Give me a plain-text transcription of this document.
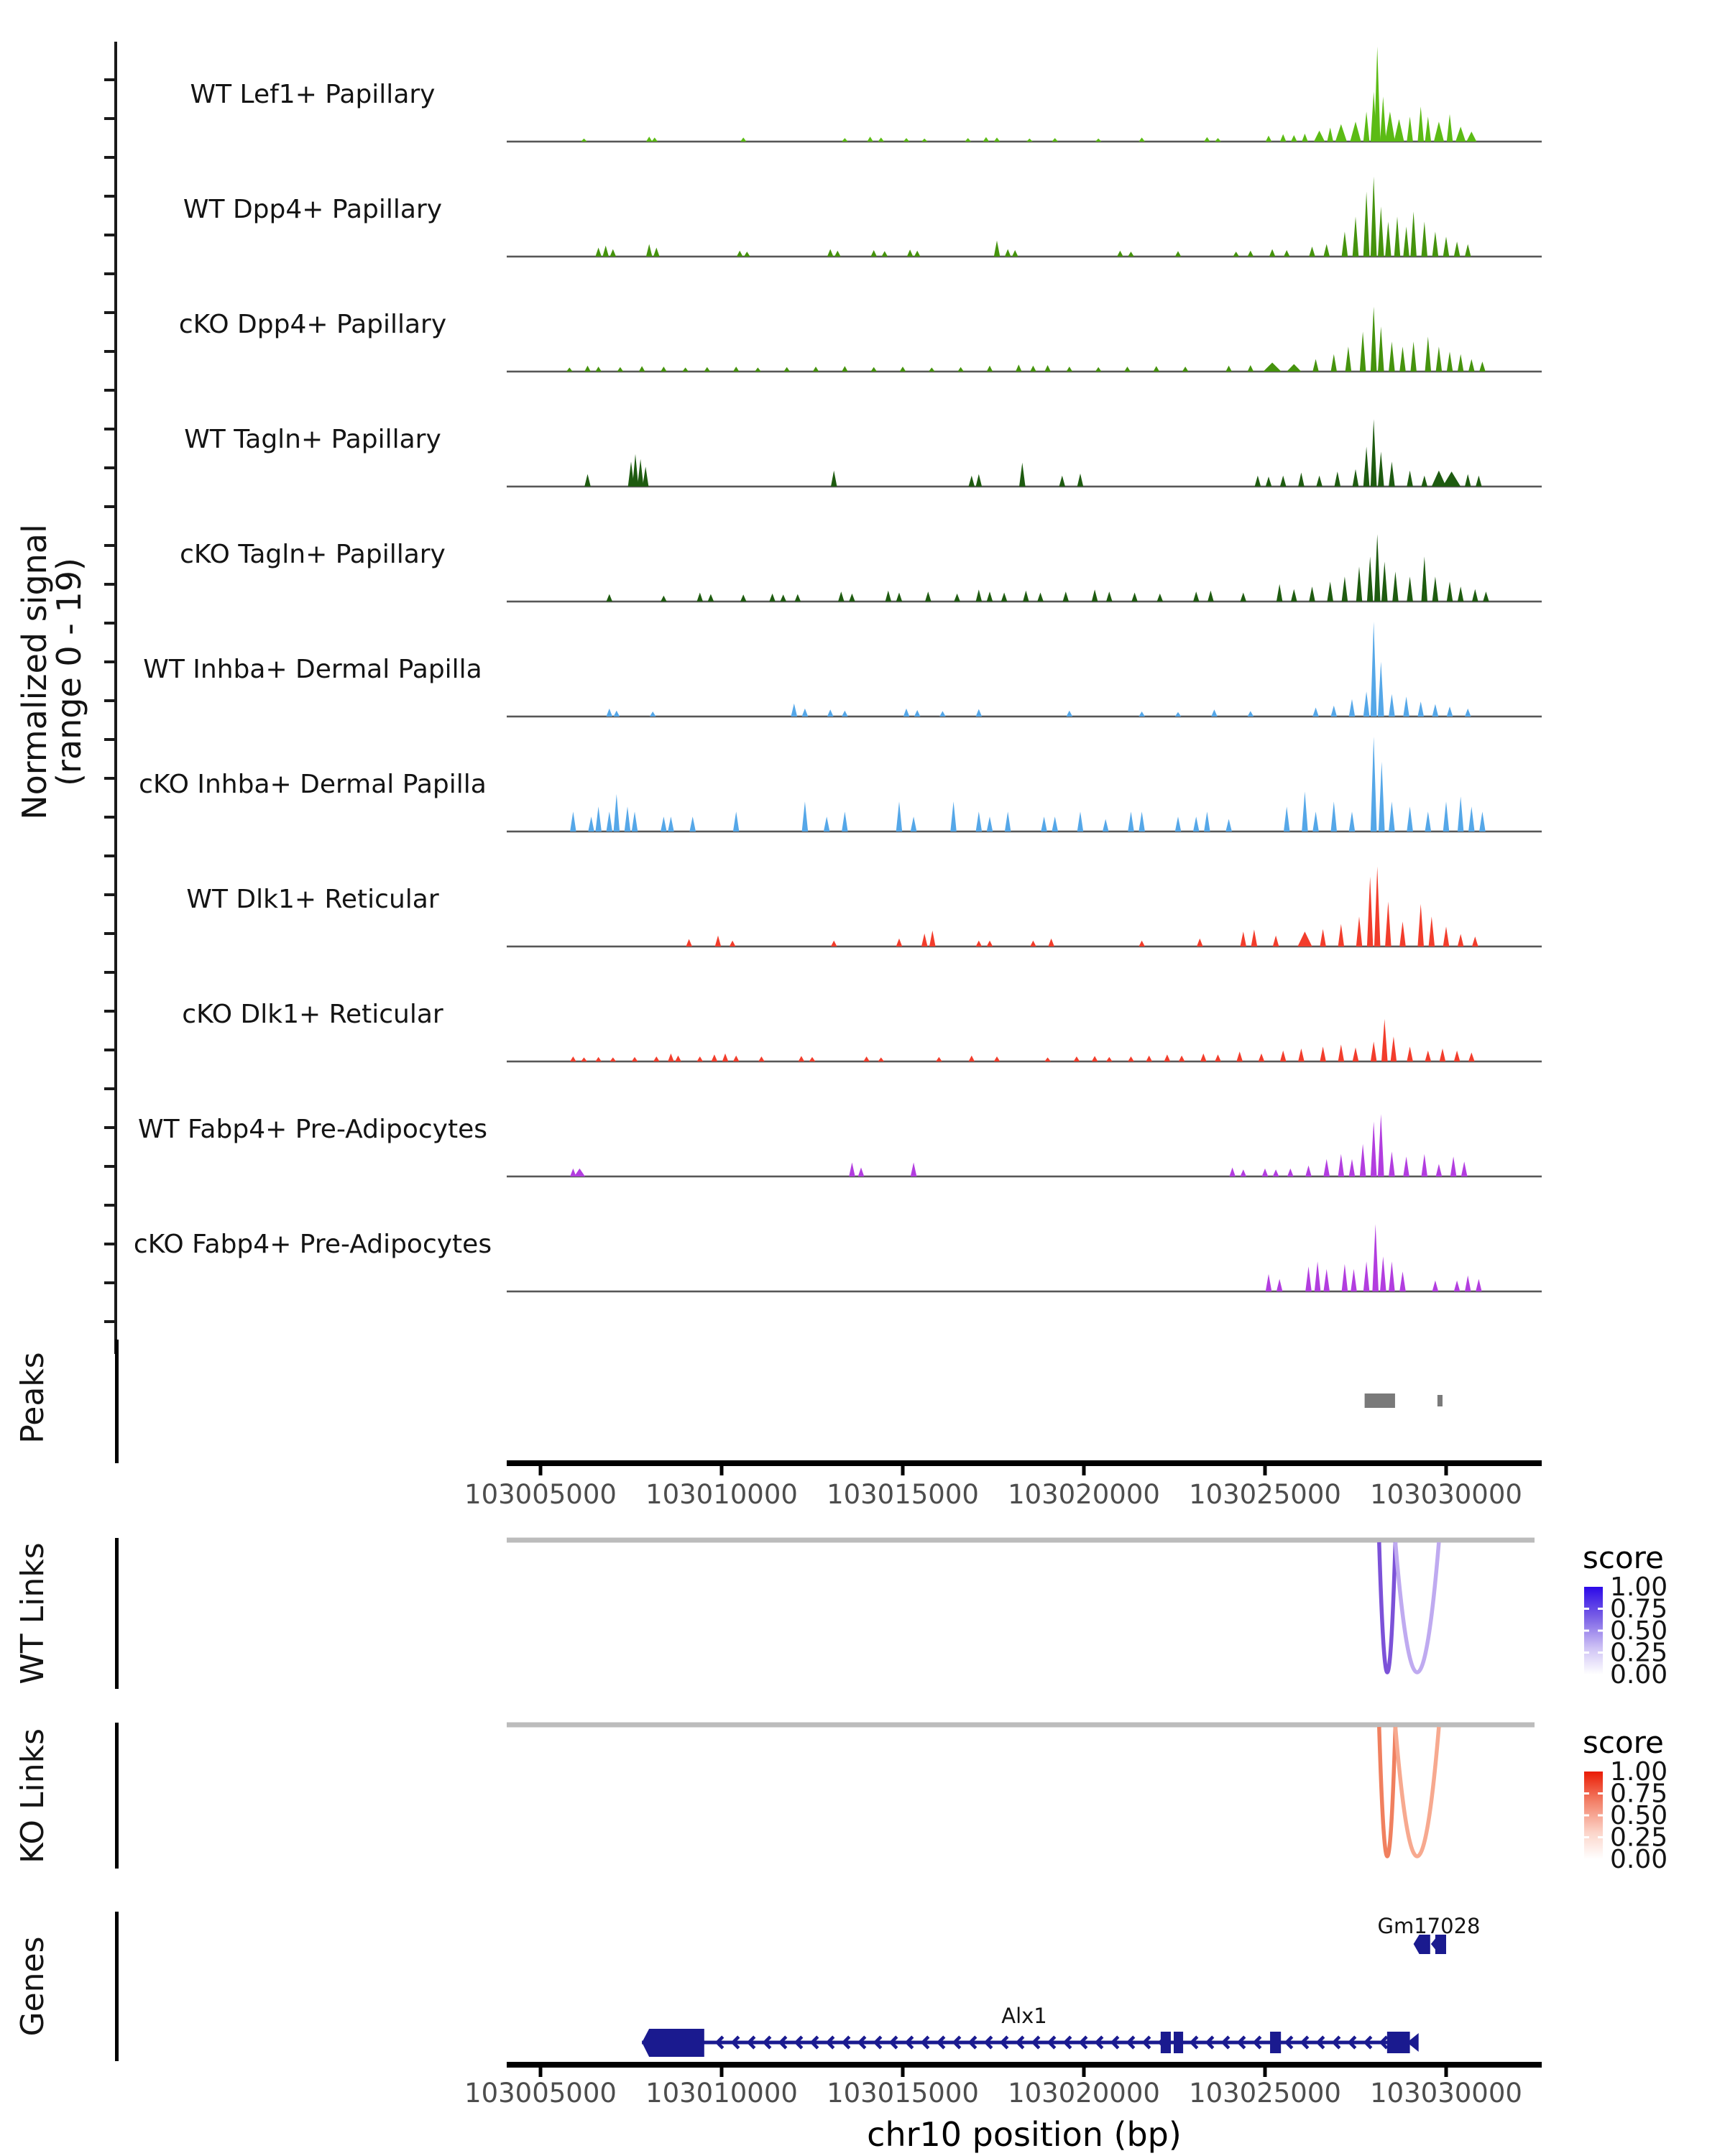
WT Lef1+ Papillary
WT Dpp4+ Papillary
cKO Dpp4+ Papillary
WT Tagln+ Papillary
cKO Tagln+ Papillary
WT Inhba+ Dermal Papilla
cKO Inhba+ Dermal Papilla
WT Dlk1+ Reticular
cKO Dlk1+ Reticular
WT Fabp4+ Pre-Adipocytes
cKO Fabp4+ Pre-Adipocytes
103005000 103010000 103015000 103020000 103025000 103030000
1.00
0.75
0.50
0.25
0.00
1.00
0.75
0.50
0.25
0.00
Gm17028
Alx1
103005000 103010000 103015000 103020000 103025000 103030000
Normalized signal
(range 0 - 19)
Peaks
WT Links
KO Links
Genes
chr10 position (bp)
score
score
